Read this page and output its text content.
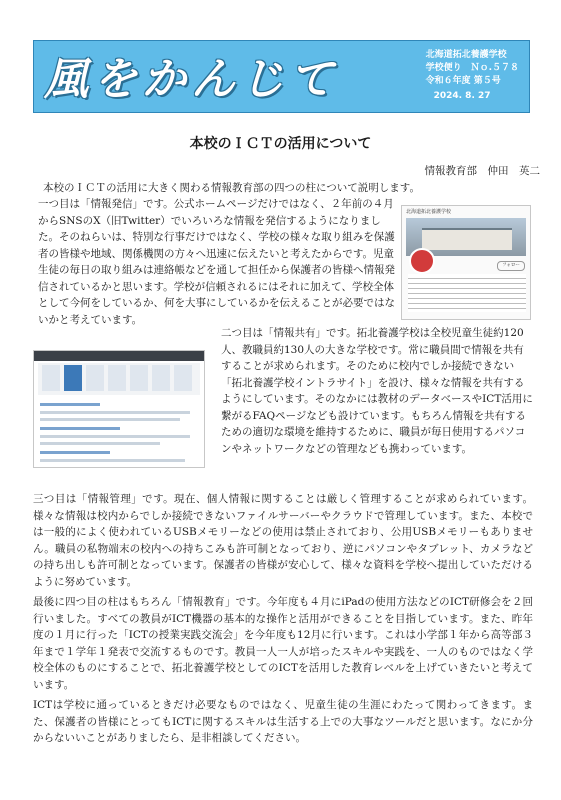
風をかんじて	北海道拓北養護学校
学校便り　Ｎｏ.５７８
令和６年度 第５号
2024. 8. 27
本校のＩＣＴの活用について
情報教育部　仲田　英二

本校のＩＣＴの活用に大きく関わる情報教育部の四つの柱について説明します。

一つ目は「情報発信」です。公式ホームページだけではなく、２年前の４月からSNSのX（旧Twitter）でいろいろな情報を発信するようになりました。そのねらいは、特別な行事だけではなく、学校の様々な取り組みを保護者の皆様や地域、関係機関の方々へ迅速に伝えたいと考えたからです。児童生徒の毎日の取り組みは連絡帳などを通して担任から保護者の皆様へ情報発信されているかと思います。学校が信頼されるにはそれに加えて、学校全体として今何をしているか、何を大事にしているかを伝えることが必要ではないかと考えています。

北海道拓北養護学校
フォロー

二つ目は「情報共有」です。拓北養護学校は全校児童生徒約120人、教職員約130人の大きな学校です。常に職員間で情報を共有することが求められます。そのために校内でしか接続できない「拓北養護学校イントラサイト」を設け、様々な情報を共有するようにしています。そのなかには教材のデータベースやICT活用に繋がるFAQページなども設けています。もちろん情報を共有するための適切な環境を維持するために、職員が毎日使用するパソコンやネットワークなどの管理なども携わっています。

三つ目は「情報管理」です。現在、個人情報に関することは厳しく管理することが求められています。様々な情報は校内からでしか接続できないファイルサーバーやクラウドで管理しています。また、本校では一般的によく使われているUSBメモリーなどの使用は禁止されており、公用USBメモリーもありません。職員の私物端末の校内への持ちこみも許可制となっており、逆にパソコンやタブレット、カメラなどの持ち出しも許可制となっています。保護者の皆様が安心して、様々な資料を学校へ提出していただけるように努めています。

最後に四つ目の柱はもちろん「情報教育」です。今年度も４月にiPadの使用方法などのICT研修会を２回行いました。すべての教員がICT機器の基本的な操作と活用ができることを目指しています。また、昨年度の１月に行った「ICTの授業実践交流会」を今年度も12月に行います。これは小学部１年から高等部３年まで１学年１発表で交流するものです。教員一人一人が培ったスキルや実践を、一人のものではなく学校全体のものにすることで、拓北養護学校としてのICTを活用した教育レベルを上げていきたいと考えています。

ICTは学校に通っているときだけ必要なものではなく、児童生徒の生涯にわたって関わってきます。また、保護者の皆様にとってもICTに関するスキルは生活する上での大事なツールだと思います。なにか分からないいことがありましたら、是非相談してください。
